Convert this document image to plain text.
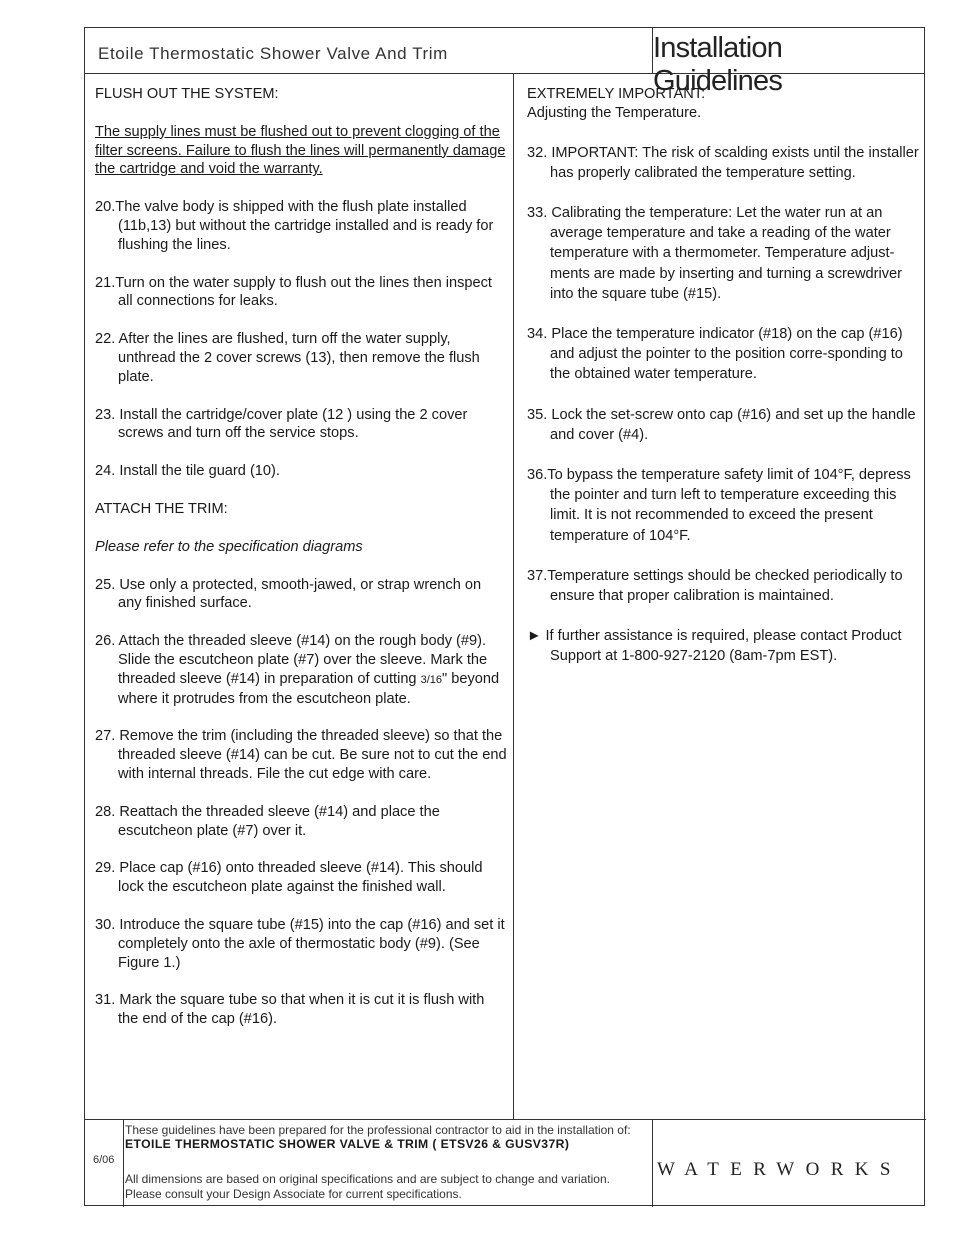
Etoile Thermostatic Shower Valve And Trim	Installation Guidelines
FLUSH OUT THE SYSTEM:
The supply lines must be flushed out to prevent clogging of the filter screens. Failure to flush the lines will permanently damage the cartridge and void the warranty.
20.The valve body is shipped with the flush plate installed (11b,13) but without the cartridge installed and is ready for flushing the lines.
21.Turn on the water supply to flush out the lines then inspect all connections for leaks.
22. After the lines are flushed, turn off the water supply, unthread the 2 cover screws (13), then remove the flush plate.
23. Install the cartridge/cover plate (12 ) using the 2 cover screws and turn off the service stops.
24. Install the tile guard (10).
ATTACH THE TRIM:
Please refer to the specification diagrams
25. Use only a protected, smooth-jawed, or strap wrench on any finished surface.
26. Attach the threaded sleeve (#14) on the rough body (#9). Slide the escutcheon plate (#7) over the sleeve. Mark the threaded sleeve (#14) in preparation of cutting 3/16" beyond where it protrudes from the escutcheon plate.
27. Remove the trim (including the threaded sleeve) so that the threaded sleeve (#14) can be cut. Be sure not to cut the end with internal threads. File the cut edge with care.
28. Reattach the threaded sleeve (#14) and place the escutcheon plate (#7) over it.
29. Place cap (#16) onto threaded sleeve (#14). This should lock the escutcheon plate against the finished wall.
30. Introduce the square tube (#15) into the cap (#16) and set it completely onto the axle of thermostatic body (#9). (See Figure 1.)
31. Mark the square tube so that when it is cut it is flush with the end of the cap (#16).
EXTREMELY IMPORTANT:
Adjusting the Temperature.
32. IMPORTANT: The risk of scalding exists until the installer has properly calibrated the temperature setting.
33. Calibrating the temperature: Let the water run at an average temperature and take a reading of the water temperature with a thermometer. Temperature adjust-ments are made by inserting and turning a screwdriver into the square tube (#15).
34. Place the temperature indicator (#18) on the cap (#16) and adjust the pointer to the position corre-sponding to the obtained water temperature.
35. Lock the set-screw onto cap (#16) and set up the handle and cover (#4).
36.To bypass the temperature safety limit of 104°F, depress the pointer and turn left to temperature exceeding this limit. It is not recommended to exceed the present temperature of 104°F.
37.Temperature settings should be checked periodically to ensure that proper calibration is maintained.
► If further assistance is required, please contact Product Support at 1-800-927-2120 (8am-7pm EST).
6/06
These guidelines have been prepared for the professional contractor to aid in the installation of:
ETOILE THERMOSTATIC SHOWER VALVE & TRIM ( ETSV26 & GUSV37R)
All dimensions are based on original specifications and are subject to change and variation.
Please consult your Design Associate for current specifications.
WATERWORKS
